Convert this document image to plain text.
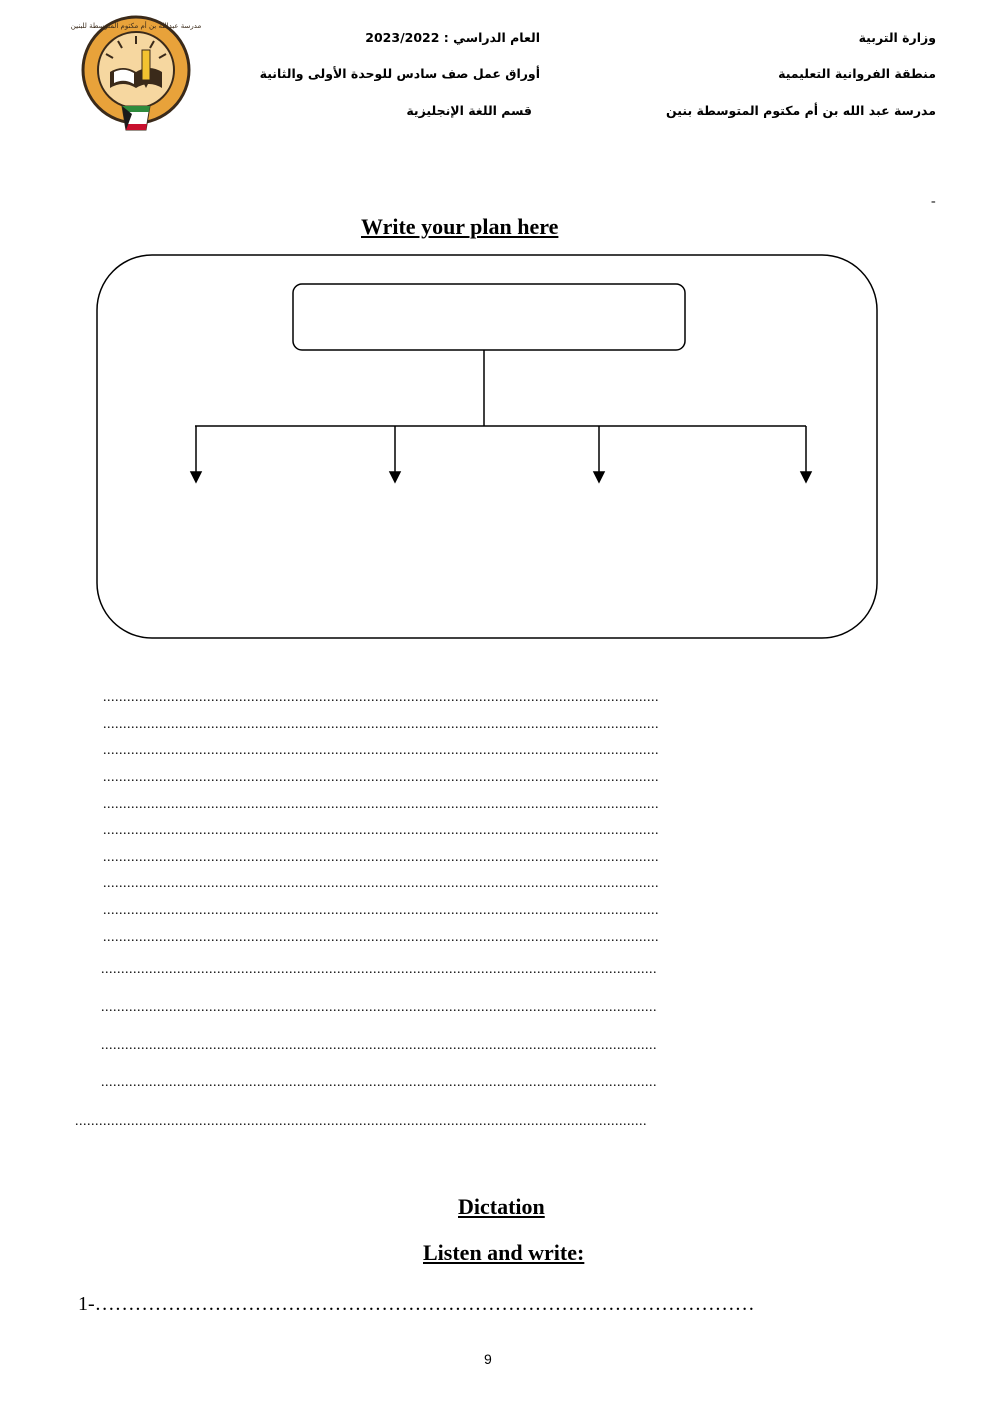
وزارة التربية
منطقة الفروانية التعليمية
مدرسة عبد الله بن أم مكتوم المتوسطة بنين
العام الدراسي : 2023/2022
أوراق عمل صف سادس للوحدة الأولى والثانية
قسم اللغة الإنجليزية
مدرسة عبدالله بن أم مكتوم المتوسطة للبنين
-
Write your plan here
...........................................................................................................................................
...........................................................................................................................................
...........................................................................................................................................
...........................................................................................................................................
...........................................................................................................................................
...........................................................................................................................................
...........................................................................................................................................
...........................................................................................................................................
...........................................................................................................................................
...........................................................................................................................................
...........................................................................................................................................
...........................................................................................................................................
...........................................................................................................................................
...........................................................................................................................................
...............................................................................................................................................
Dictation
Listen and write:
1-………………………………………………………………………………………
9
